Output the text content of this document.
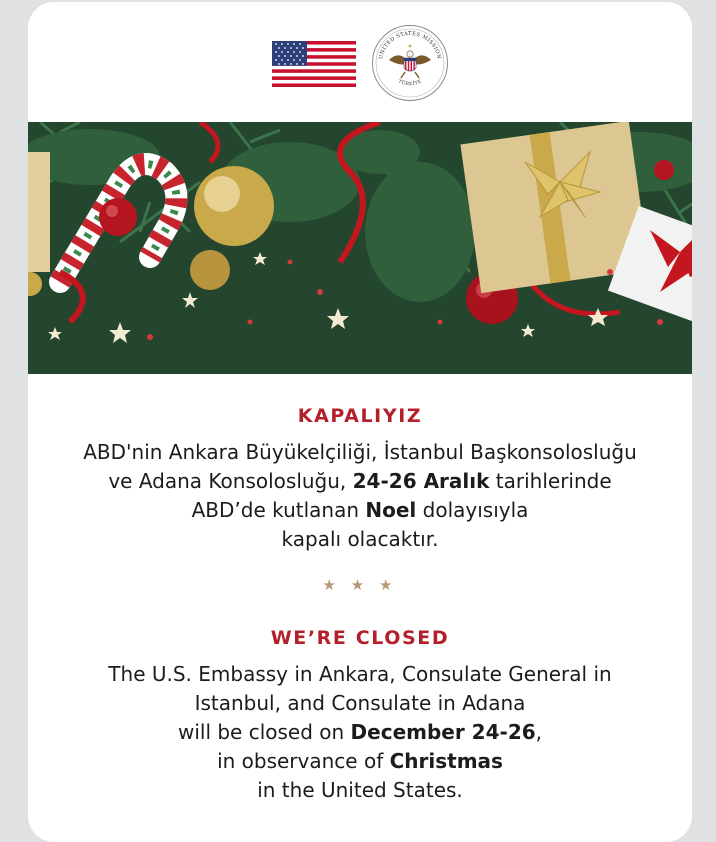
UNITED STATES MISSION
TÜRKİYE
KAPALIYIZ
ABD'nin Ankara Büyükelçiliği, İstanbul Başkonsolosluğu
ve Adana Konsolosluğu, 24-26 Aralık tarihlerinde
ABD’de kutlanan Noel dolayısıyla
kapalı olacaktır.
★ ★ ★
WE’RE CLOSED
The U.S. Embassy in Ankara, Consulate General in
Istanbul, and Consulate in Adana
will be closed on December 24-26,
in observance of Christmas
in the United States.
